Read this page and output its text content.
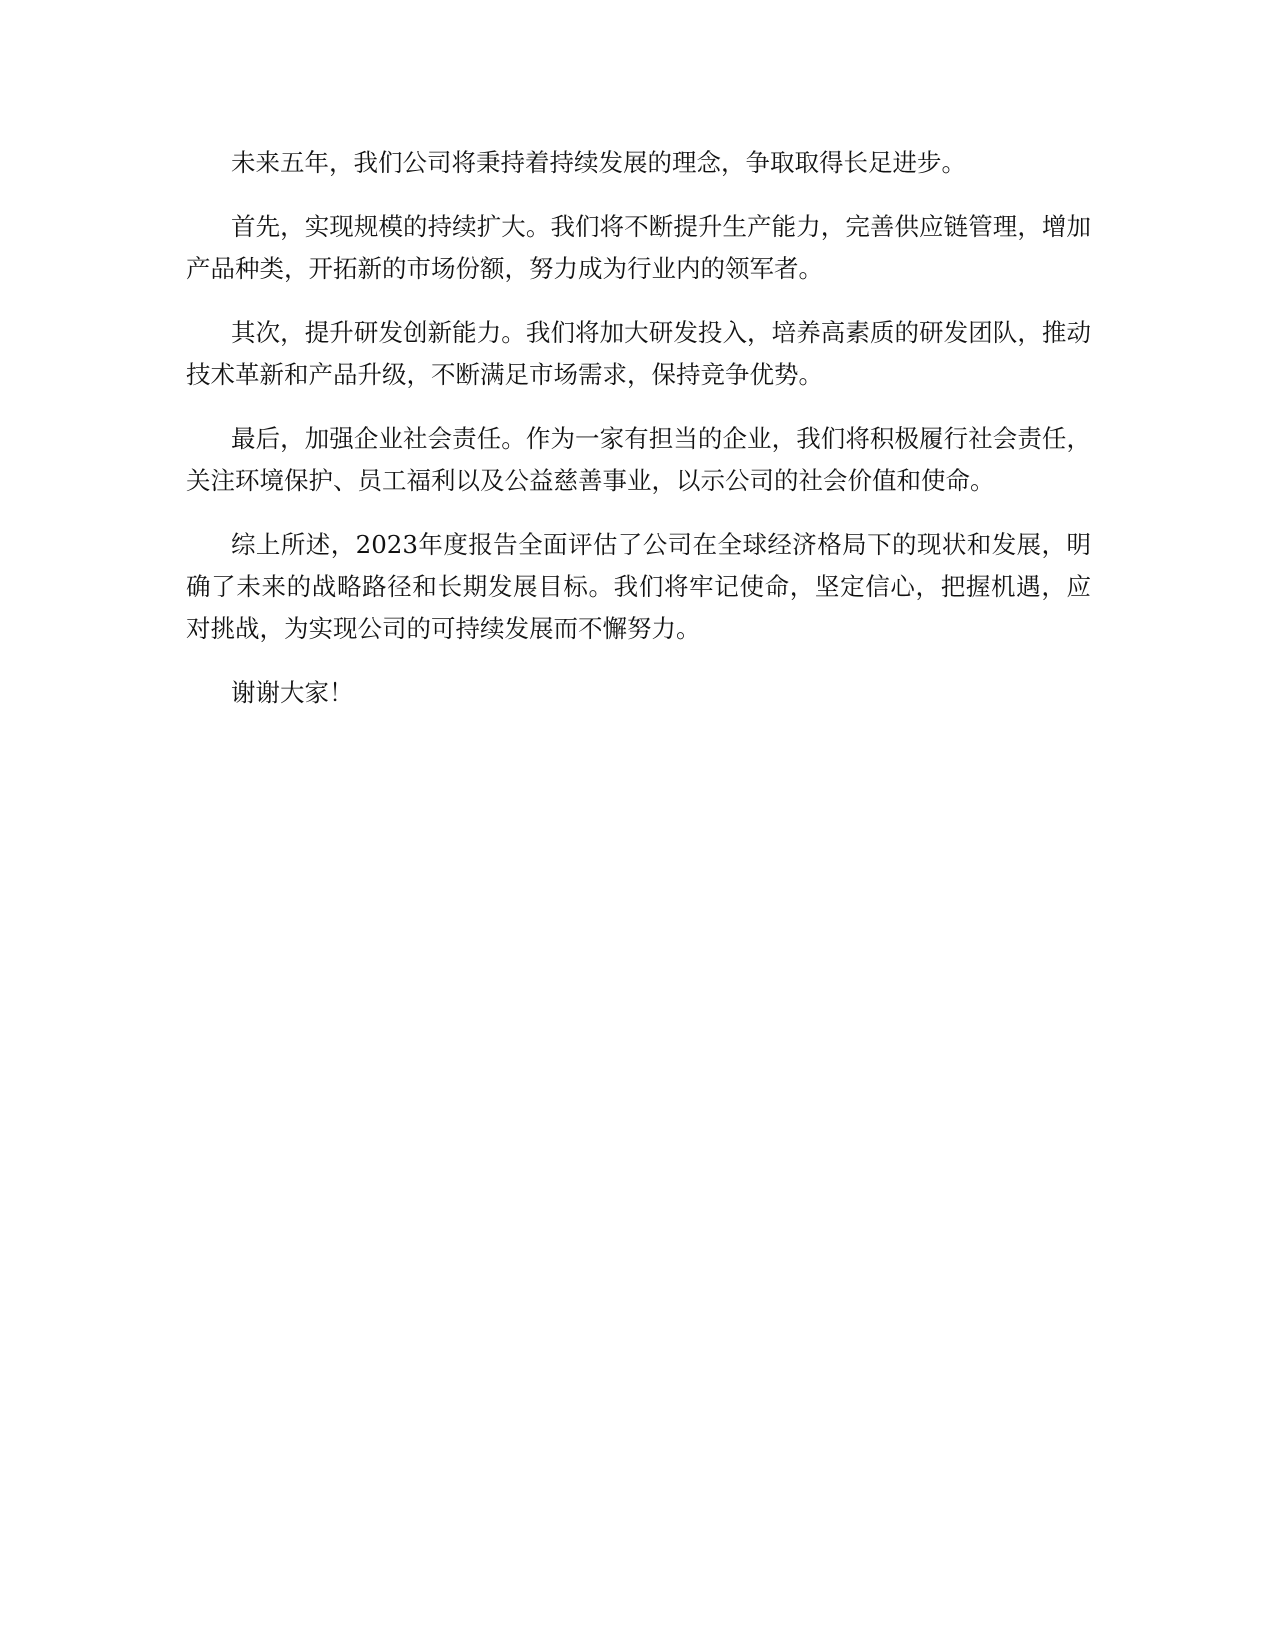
未来五年，我们公司将秉持着持续发展的理念，争取取得长足进步。

首先，实现规模的持续扩大。我们将不断提升生产能力，完善供应链管理，增加产品种类，开拓新的市场份额，努力成为行业内的领军者。

其次，提升研发创新能力。我们将加大研发投入，培养高素质的研发团队，推动技术革新和产品升级，不断满足市场需求，保持竞争优势。

最后，加强企业社会责任。作为一家有担当的企业，我们将积极履行社会责任，关注环境保护、员工福利以及公益慈善事业，以示公司的社会价值和使命。

综上所述，2023年度报告全面评估了公司在全球经济格局下的现状和发展，明确了未来的战略路径和长期发展目标。我们将牢记使命，坚定信心，把握机遇，应对挑战，为实现公司的可持续发展而不懈努力。

谢谢大家！
